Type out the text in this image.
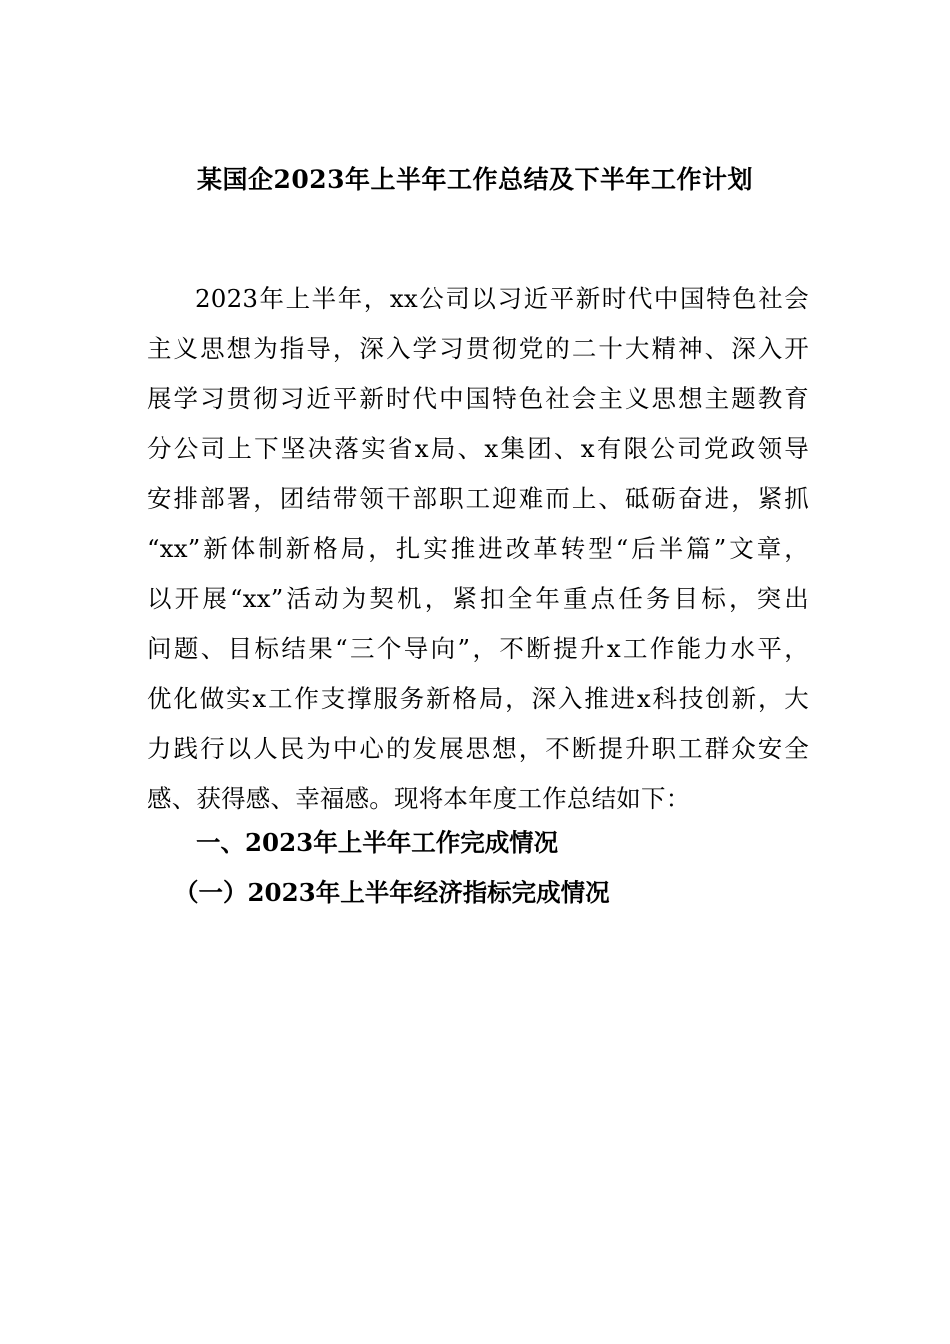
某国企2023年上半年工作总结及下半年工作计划
2023年上半年，xx公司以习近平新时代中国特色社会
主义思想为指导，深入学习贯彻党的二十大精神、深入开
展学习贯彻习近平新时代中国特色社会主义思想主题教育
分公司上下坚决落实省x局、x集团、x有限公司党政领导
安排部署，团结带领干部职工迎难而上、砥砺奋进，紧抓
“xx”新体制新格局，扎实推进改革转型“后半篇”文章，
以开展“xx”活动为契机，紧扣全年重点任务目标，突出
问题、目标结果“三个导向”，不断提升x工作能力水平，
优化做实x工作支撑服务新格局，深入推进x科技创新，大
力践行以人民为中心的发展思想，不断提升职工群众安全
感、获得感、幸福感。现将本年度工作总结如下：
一、2023年上半年工作完成情况
（一）2023年上半年经济指标完成情况
